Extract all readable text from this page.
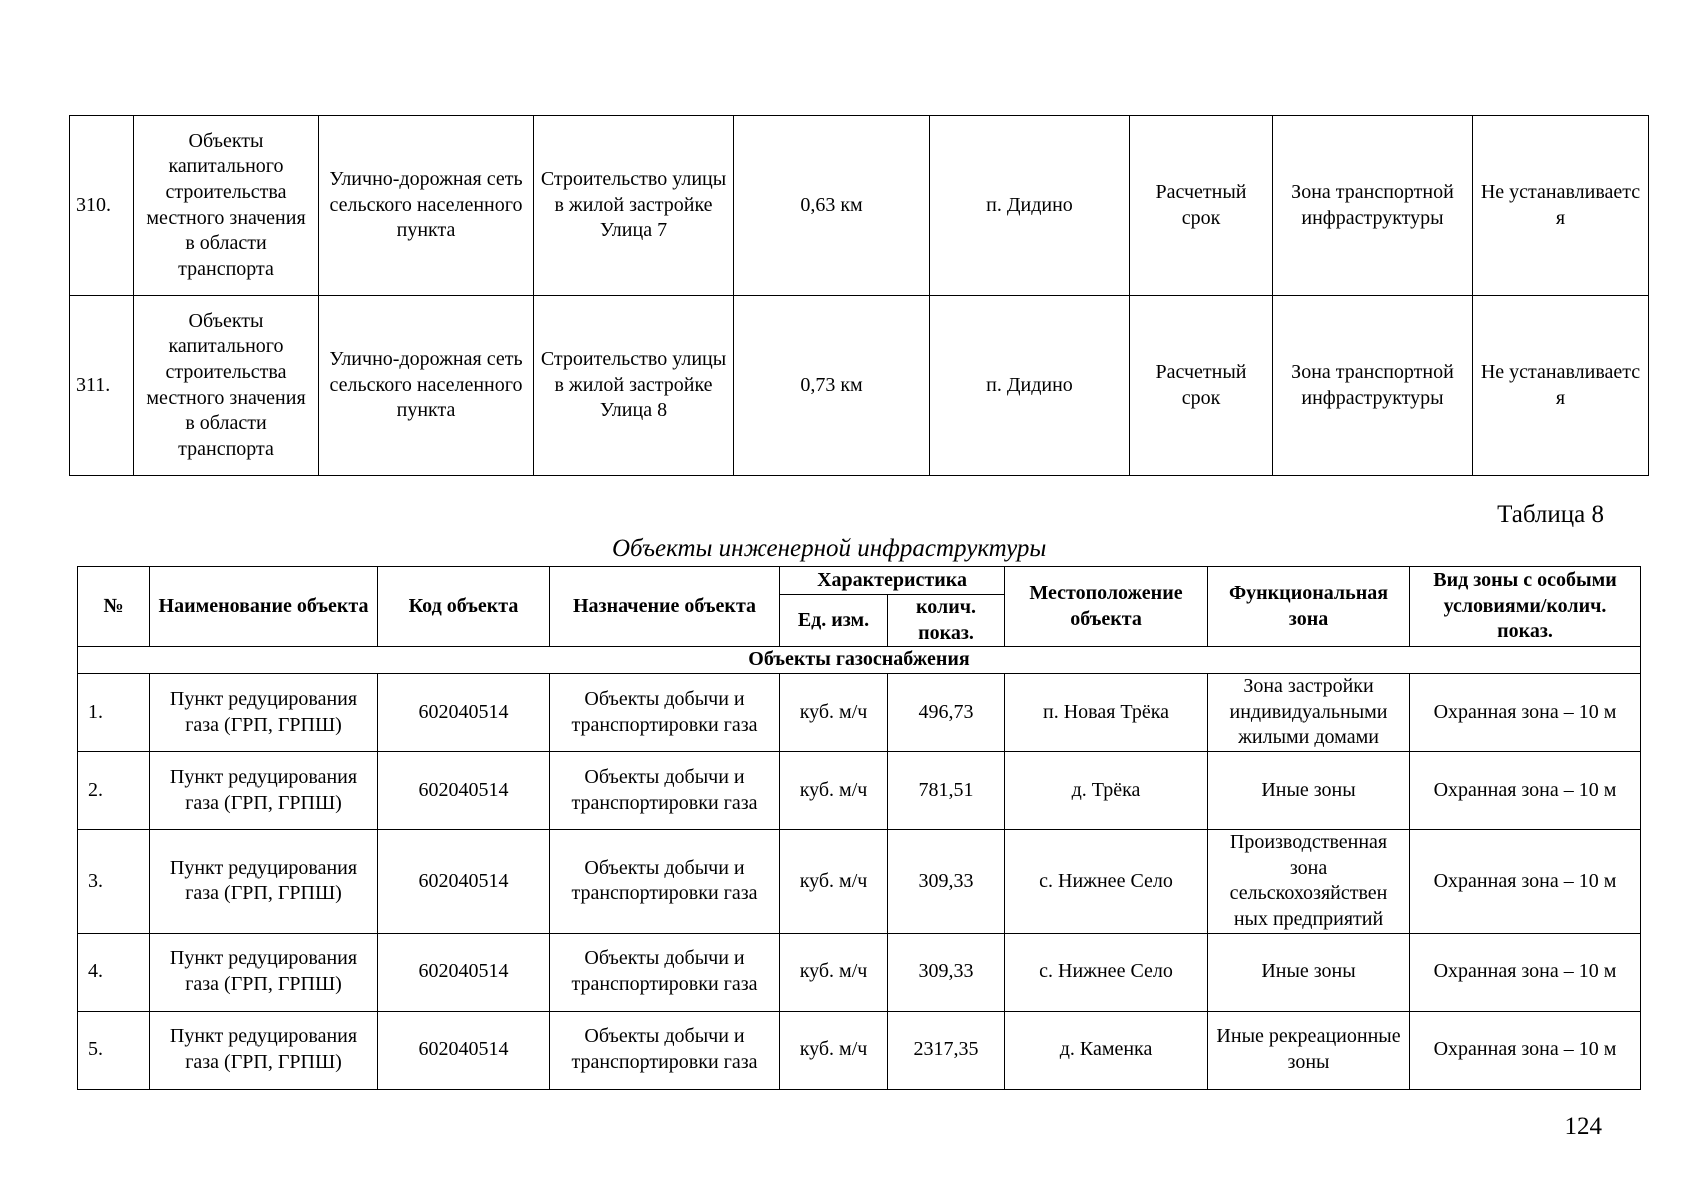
310.	Объекты капитального строительства местного значения в области транспорта	Улично-дорожная сеть сельского населенного пункта	Строительство улицы в жилой застройке Улица 7	0,63 км	п. Дидино	Расчетный срок	Зона транспортной инфраструктуры	Не устанавливаетс я
311.	Объекты капитального строительства местного значения в области транспорта	Улично-дорожная сеть сельского населенного пункта	Строительство улицы в жилой застройке Улица 8	0,73 км	п. Дидино	Расчетный срок	Зона транспортной инфраструктуры	Не устанавливаетс я
Таблица 8
Объекты инженерной инфраструктуры
№	Наименование объекта	Код объекта	Назначение объекта	Характеристика		Местоположение объекта	Функциональная зона	Вид зоны с особыми условиями/колич. показ.
				Ед. изм.	колич. показ.			
Объекты газоснабжения								
1.	Пункт редуцирования газа (ГРП, ГРПШ)	602040514	Объекты добычи и транспортировки газа	куб. м/ч	496,73	п. Новая Трёка	Зона застройки индивидуальными жилыми домами	Охранная зона – 10 м
2.	Пункт редуцирования газа (ГРП, ГРПШ)	602040514	Объекты добычи и транспортировки газа	куб. м/ч	781,51	д. Трёка	Иные зоны	Охранная зона – 10 м
3.	Пункт редуцирования газа (ГРП, ГРПШ)	602040514	Объекты добычи и транспортировки газа	куб. м/ч	309,33	с. Нижнее Село	Производственная зона сельскохозяйствен ных предприятий	Охранная зона – 10 м
4.	Пункт редуцирования газа (ГРП, ГРПШ)	602040514	Объекты добычи и транспортировки газа	куб. м/ч	309,33	с. Нижнее Село	Иные зоны	Охранная зона – 10 м
5.	Пункт редуцирования газа (ГРП, ГРПШ)	602040514	Объекты добычи и транспортировки газа	куб. м/ч	2317,35	д. Каменка	Иные рекреационные зоны	Охранная зона – 10 м
124
